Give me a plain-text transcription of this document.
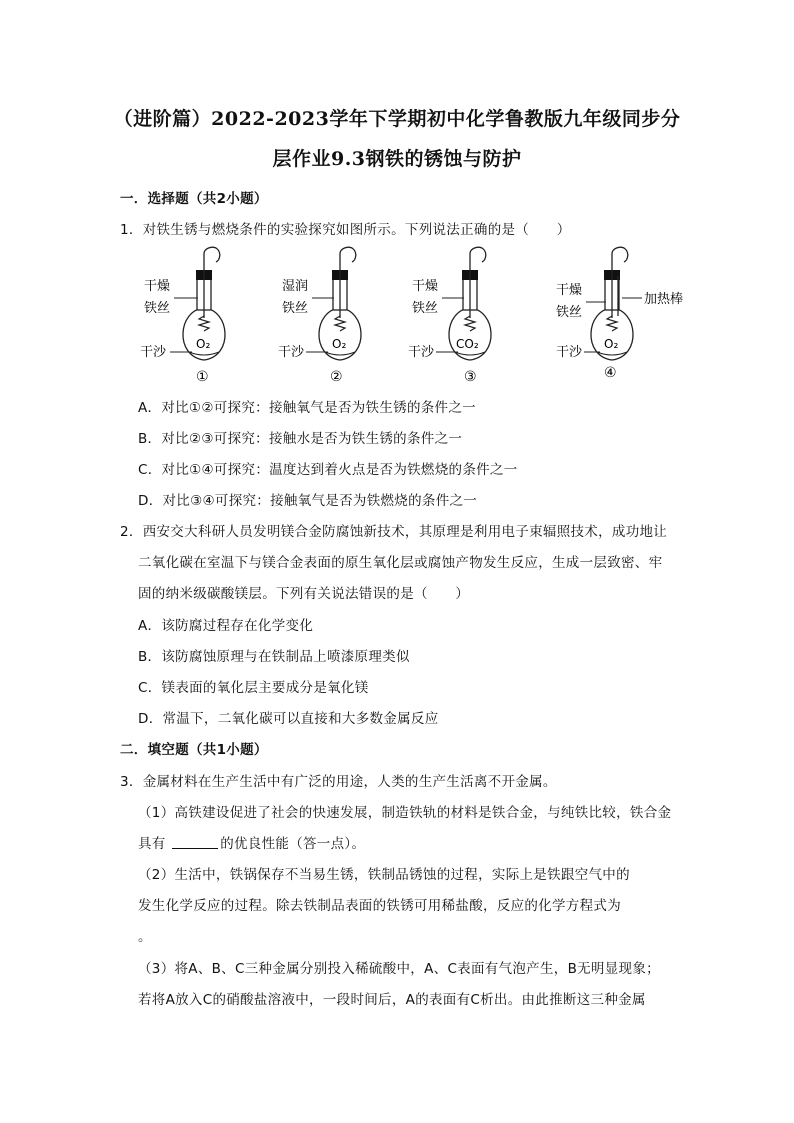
（进阶篇）2022-2023学年下学期初中化学鲁教版九年级同步分
层作业9.3钢铁的锈蚀与防护
一．选择题（共2小题）
1．对铁生锈与燃烧条件的实验探究如图所示。下列说法正确的是（　　）
干燥
铁丝
O₂
干沙
①
湿润
铁丝
O₂
干沙
②
干燥
铁丝
CO₂
干沙
③
干燥
铁丝
加热棒
O₂
干沙
④
A．对比①②可探究：接触氧气是否为铁生锈的条件之一
B．对比②③可探究：接触水是否为铁生锈的条件之一
C．对比①④可探究：温度达到着火点是否为铁燃烧的条件之一
D．对比③④可探究：接触氧气是否为铁燃烧的条件之一
2．西安交大科研人员发明镁合金防腐蚀新技术，其原理是利用电子束辐照技术，成功地让
二氧化碳在室温下与镁合金表面的原生氧化层或腐蚀产物发生反应，生成一层致密、牢
固的纳米级碳酸镁层。下列有关说法错误的是（　　）
A．该防腐过程存在化学变化
B．该防腐蚀原理与在铁制品上喷漆原理类似
C．镁表面的氧化层主要成分是氧化镁
D．常温下，二氧化碳可以直接和大多数金属反应
二．填空题（共1小题）
3．金属材料在生产生活中有广泛的用途，人类的生产生活离不开金属。
（1）高铁建设促进了社会的快速发展，制造铁轨的材料是铁合金，与纯铁比较，铁合金
具有	的优良性能（答一点）。
（2）生活中，铁锅保存不当易生锈，铁制品锈蚀的过程，实际上是铁跟空气中的
发生化学反应的过程。除去铁制品表面的铁锈可用稀盐酸，反应的化学方程式为
。
（3）将A、B、C三种金属分别投入稀硫酸中，A、C表面有气泡产生，B无明显现象；
若将A放入C的硝酸盐溶液中，一段时间后，A的表面有C析出。由此推断这三种金属
